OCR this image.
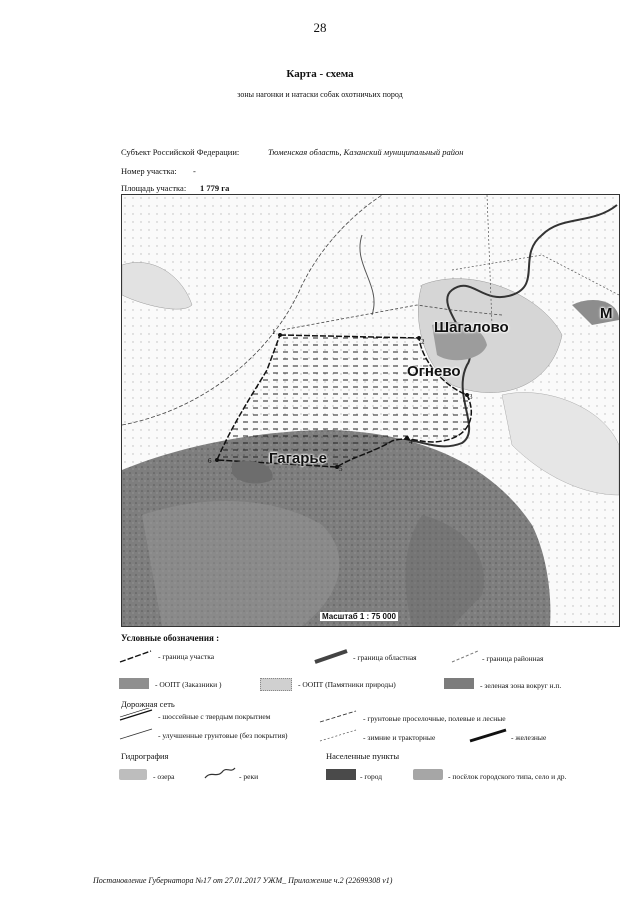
28
Карта - схема
зоны нагонки и натаски собак охотничьих пород
Субъект Российской Федерации:	Тюменская область, Казанский муниципальный район
Номер участка: -
Площадь участка: 1 779 га
Шагалово
Огнево
Гагарье
М
1
2
3
4
5
6
Масштаб 1 : 75 000
Условные обозначения :
- граница участка	- граница областная	- граница районная
- ООПТ (Заказники )	- ООПТ (Памятники природы)	- зеленая зона вокруг н.п.
Дорожная сеть
- шоссейные с твердым покрытием	- грунтовые проселочные, полевые и лесные
- улучшенные грунтовые (без покрытия)	- зимние и тракторные	- железные
Гидрография	Населенные пункты
- озера	- реки	- город	- посёлок городского типа, село и др.
Постановление Губернатора №17 от 27.01.2017 УЖМ_ Приложение ч.2 (22699308 v1)
